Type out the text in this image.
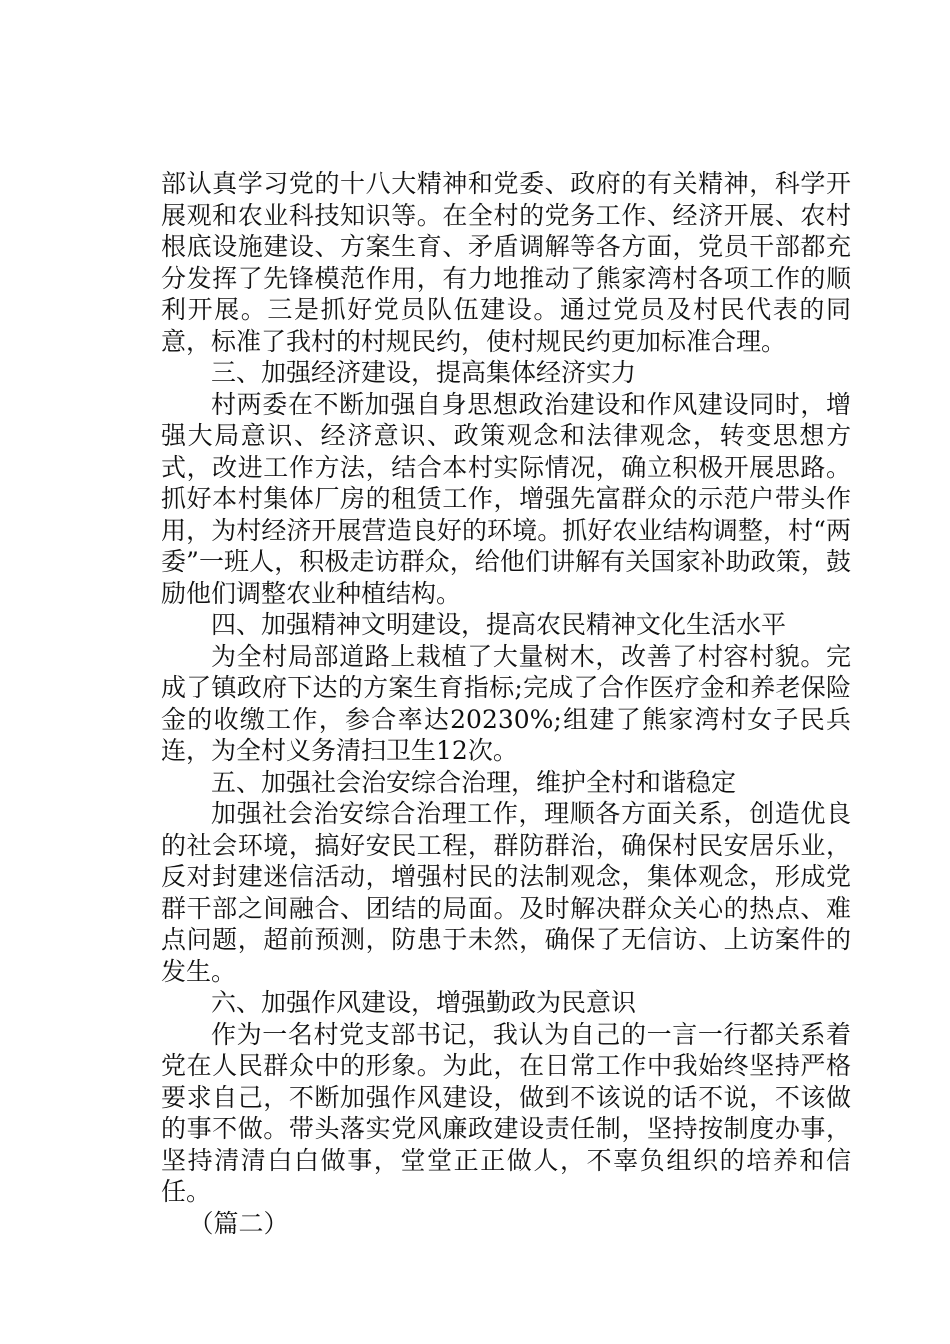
部认真学习党的十八大精神和党委、政府的有关精神，科学开展观和农业科技知识等。在全村的党务工作、经济开展、农村根底设施建设、方案生育、矛盾调解等各方面，党员干部都充分发挥了先锋模范作用，有力地推动了熊家湾村各项工作的顺利开展。三是抓好党员队伍建设。通过党员及村民代表的同意，标准了我村的村规民约，使村规民约更加标准合理。

三、加强经济建设，提高集体经济实力

村两委在不断加强自身思想政治建设和作风建设同时，增强大局意识、经济意识、政策观念和法律观念，转变思想方式，改进工作方法，结合本村实际情况，确立积极开展思路。抓好本村集体厂房的租赁工作，增强先富群众的示范户带头作用，为村经济开展营造良好的环境。抓好农业结构调整，村“两委”一班人，积极走访群众，给他们讲解有关国家补助政策，鼓励他们调整农业种植结构。

四、加强精神文明建设，提高农民精神文化生活水平

为全村局部道路上栽植了大量树木，改善了村容村貌。完成了镇政府下达的方案生育指标;完成了合作医疗金和养老保险金的收缴工作，参合率达20230%;组建了熊家湾村女子民兵连，为全村义务清扫卫生12次。

五、加强社会治安综合治理，维护全村和谐稳定

加强社会治安综合治理工作，理顺各方面关系，创造优良的社会环境，搞好安民工程，群防群治，确保村民安居乐业，反对封建迷信活动，增强村民的法制观念，集体观念，形成党群干部之间融合、团结的局面。及时解决群众关心的热点、难点问题，超前预测，防患于未然，确保了无信访、上访案件的发生。

六、加强作风建设，增强勤政为民意识

作为一名村党支部书记，我认为自己的一言一行都关系着党在人民群众中的形象。为此，在日常工作中我始终坚持严格要求自己，不断加强作风建设，做到不该说的话不说，不该做的事不做。带头落实党风廉政建设责任制，坚持按制度办事，坚持清清白白做事，堂堂正正做人，不辜负组织的培养和信任。

（篇二）
